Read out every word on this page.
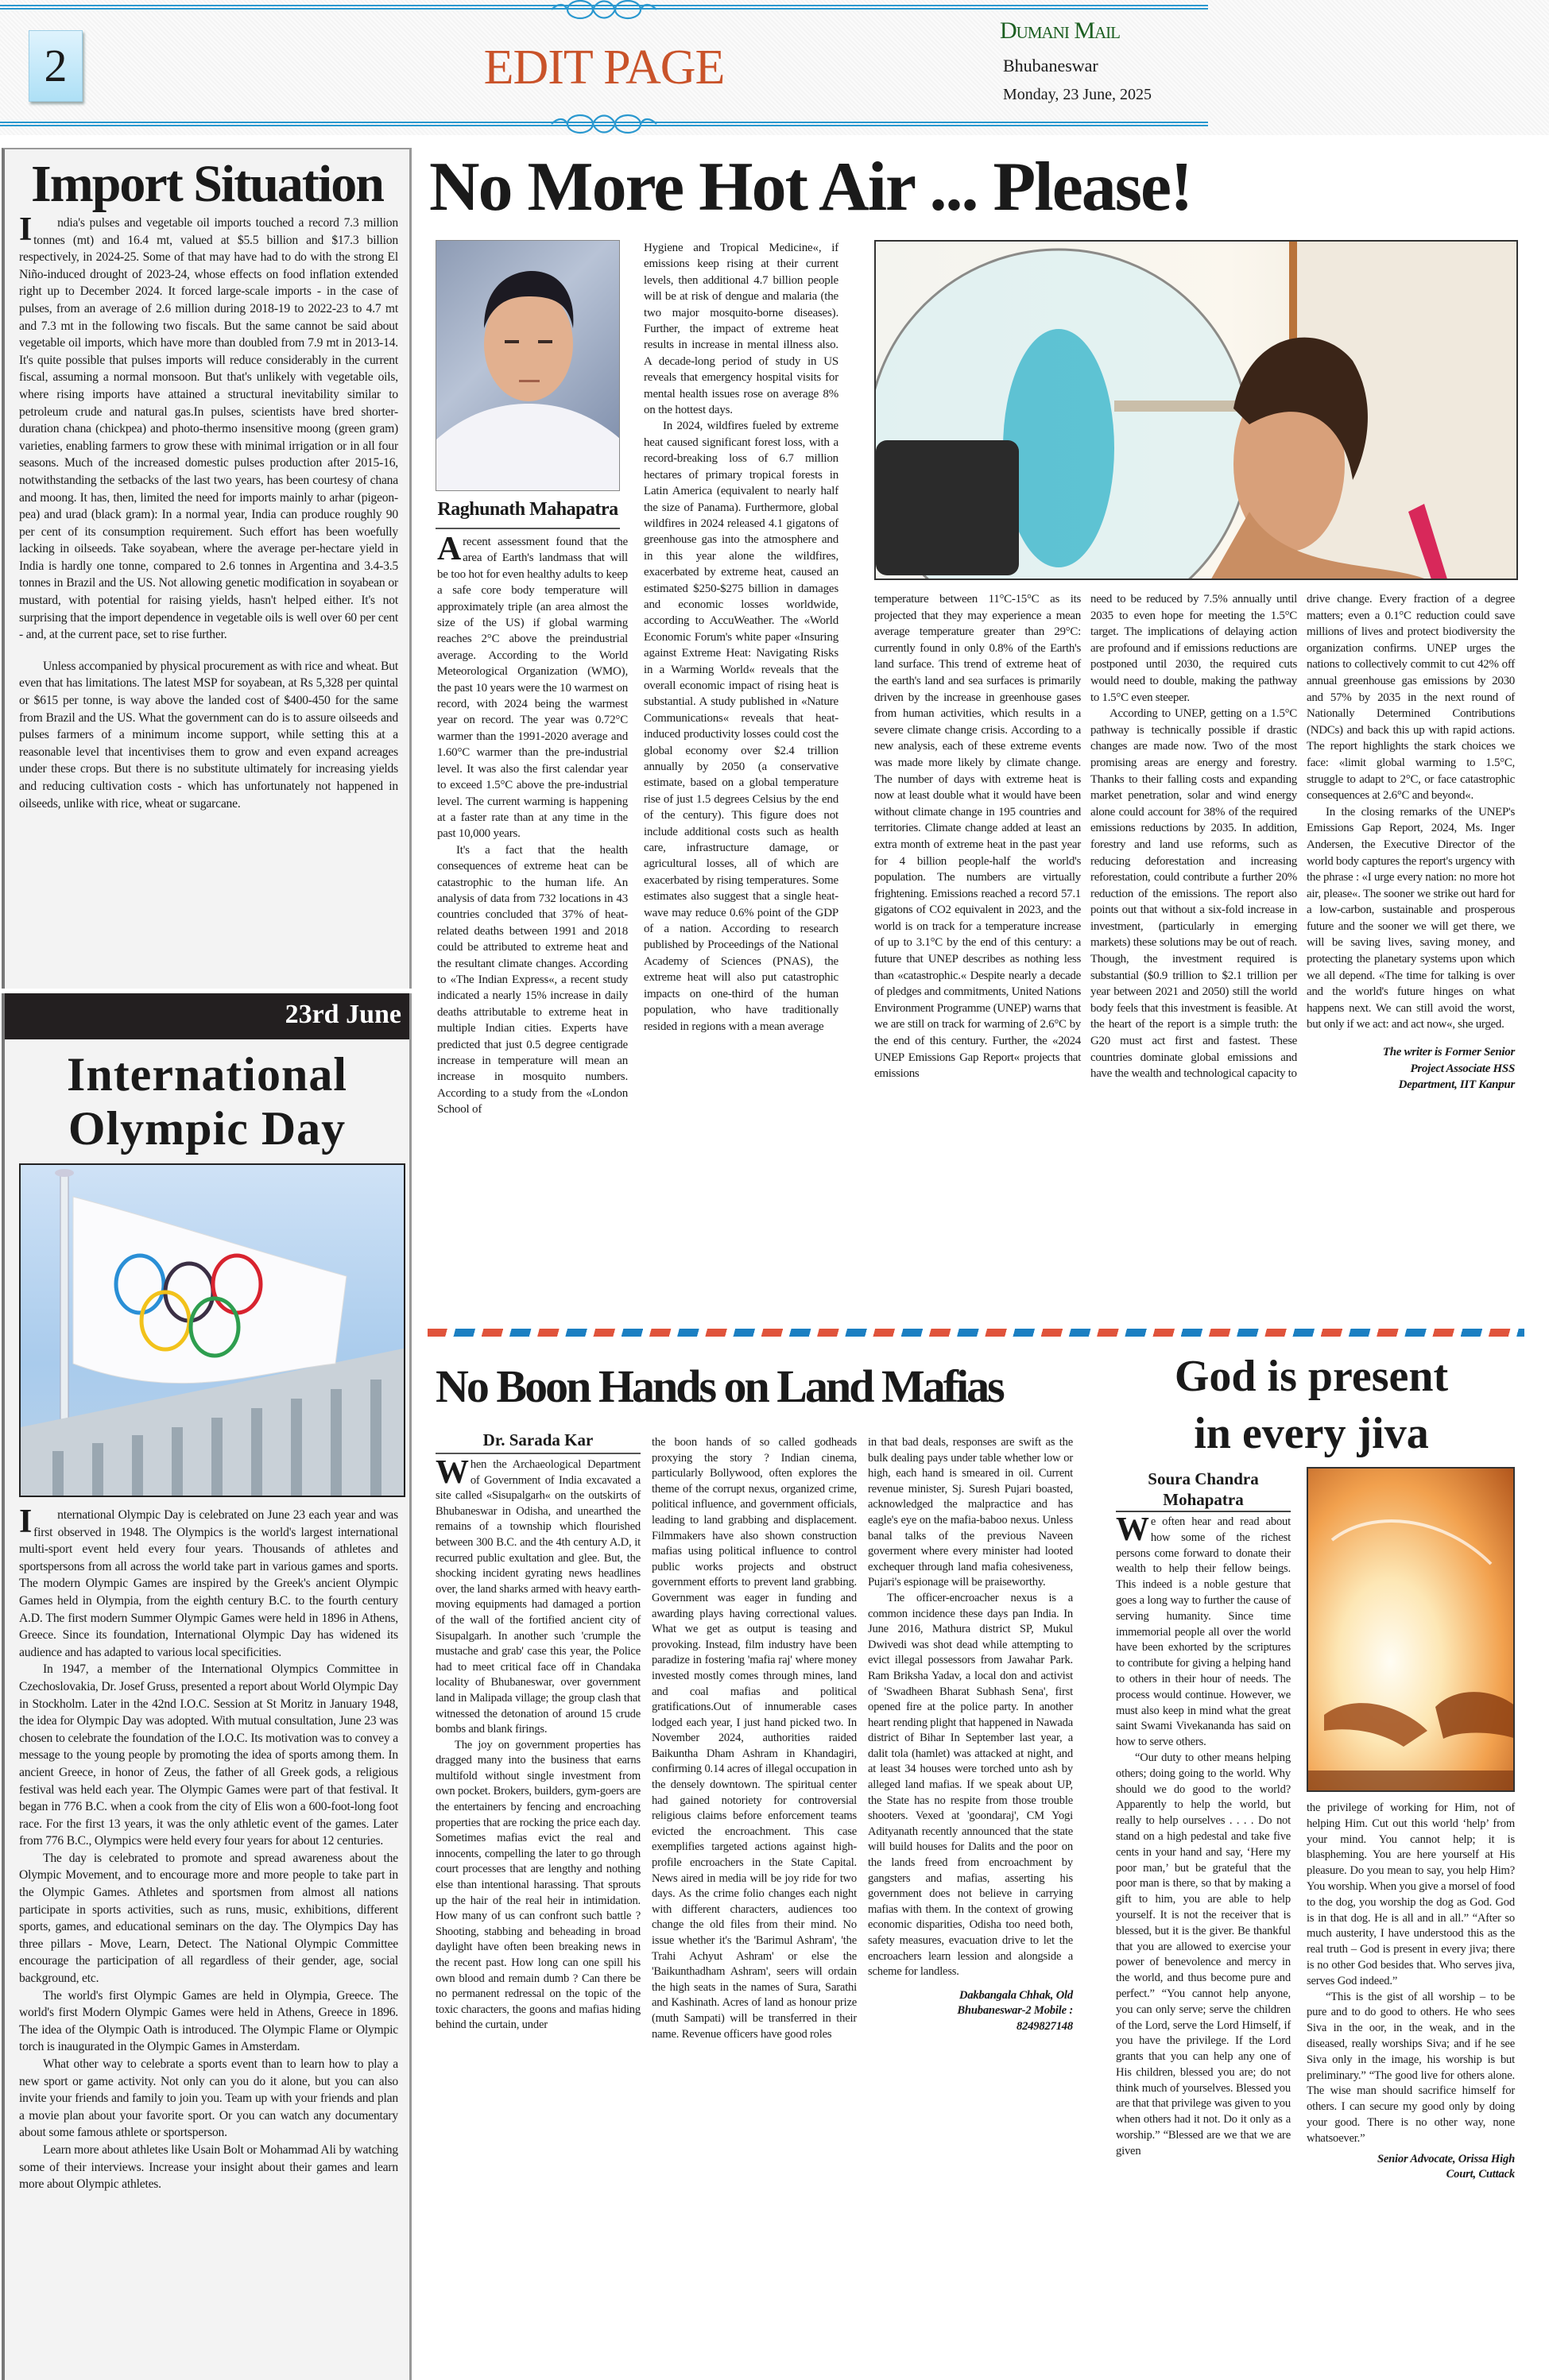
2	EDIT PAGE
Dumani Mail
Bhubaneswar
Monday, 23 June, 2025
Import Situation

I ndia's pulses and vegetable oil imports touched a record 7.3 million tonnes (mt) and 16.4 mt, valued at $5.5 billion and $17.3 billion respectively, in 2024-25. Some of that may have had to do with the strong El Niño-induced drought of 2023-24, whose effects on food inflation extended right up to December 2024. It forced large-scale imports - in the case of pulses, from an average of 2.6 million during 2018-19 to 2022-23 to 4.7 mt and 7.3 mt in the following two fiscals. But the same cannot be said about vegetable oil imports, which have more than doubled from 7.9 mt in 2013-14. It's quite possible that pulses imports will reduce considerably in the current fiscal, assuming a normal monsoon. But that's unlikely with vegetable oils, where rising imports have attained a structural inevitability similar to petroleum crude and natural gas.In pulses, scientists have bred shorter-duration chana (chickpea) and photo-thermo insensitive moong (green gram) varieties, enabling farmers to grow these with minimal irrigation or in all four seasons. Much of the increased domestic pulses production after 2015-16, notwithstanding the setbacks of the last two years, has been courtesy of chana and moong. It has, then, limited the need for imports mainly to arhar (pigeon-pea) and urad (black gram): In a normal year, India can produce roughly 90 per cent of its consumption requirement. Such effort has been woefully lacking in oilseeds. Take soyabean, where the average per-hectare yield in India is hardly one tonne, compared to 2.6 tonnes in Argentina and 3.4-3.5 tonnes in Brazil and the US. Not allowing genetic modification in soyabean or mustard, with potential for raising yields, hasn't helped either. It's not surprising that the import dependence in vegetable oils is well over 60 per cent - and, at the current pace, set to rise further.

Unless accompanied by physical procurement as with rice and wheat. But even that has limitations. The latest MSP for soyabean, at Rs 5,328 per quintal or $615 per tonne, is way above the landed cost of $400-450 for the same from Brazil and the US. What the government can do is to assure oilseeds and pulses farmers of a minimum income support, while setting this at a reasonable level that incentivises them to grow and even expand acreages under these crops. But there is no substitute ultimately for increasing yields and reducing cultivation costs - which has unfortunately not happened in oilseeds, unlike with rice, wheat or sugarcane.

23rd June
International
Olympic Day

I nternational Olympic Day is celebrated on June 23 each year and was first observed in 1948. The Olympics is the world's largest international multi-sport event held every four years. Thousands of athletes and sportspersons from all across the world take part in various games and sports. The modern Olympic Games are inspired by the Greek's ancient Olympic Games held in Olympia, from the eighth century B.C. to the fourth century A.D. The first modern Summer Olympic Games were held in 1896 in Athens, Greece. Since its foundation, International Olympic Day has widened its audience and has adapted to various local specificities.

In 1947, a member of the International Olympics Committee in Czechoslovakia, Dr. Josef Gruss, presented a report about World Olympic Day in Stockholm. Later in the 42nd I.O.C. Session at St Moritz in January 1948, the idea for Olympic Day was adopted. With mutual consultation, June 23 was chosen to celebrate the foundation of the I.O.C. Its motivation was to convey a message to the young people by promoting the idea of sports among them. In ancient Greece, in honor of Zeus, the father of all Greek gods, a religious festival was held each year. The Olympic Games were part of that festival. It began in 776 B.C. when a cook from the city of Elis won a 600-foot-long foot race. For the first 13 years, it was the only athletic event of the games. Later from 776 B.C., Olympics were held every four years for about 12 centuries.

The day is celebrated to promote and spread awareness about the Olympic Movement, and to encourage more and more people to take part in the Olympic Games. Athletes and sportsmen from almost all nations participate in sports activities, such as runs, music, exhibitions, different sports, games, and educational seminars on the day. The Olympics Day has three pillars - Move, Learn, Detect. The National Olympic Committee encourage the participation of all regardless of their gender, age, social background, etc.

The world's first Olympic Games are held in Olympia, Greece. The world's first Modern Olympic Games were held in Athens, Greece in 1896. The idea of the Olympic Oath is introduced. The Olympic Flame or Olympic torch is inaugurated in the Olympic Games in Amsterdam.

What other way to celebrate a sports event than to learn how to play a new sport or game activity. Not only can you do it alone, but you can also invite your friends and family to join you. Team up with your friends and plan a movie plan about your favorite sport. Or you can watch any documentary about some famous athlete or sportsperson.

Learn more about athletes like Usain Bolt or Mohammad Ali by watching some of their interviews. Increase your insight about their games and learn more about Olympic athletes.

No More Hot Air ... Please!
Raghunath Mahapatra

A recent assessment found that the area of Earth's landmass that will be too hot for even healthy adults to keep a safe core body temperature will approximately triple (an area almost the size of the US) if global warming reaches 2°C above the preindustrial average. According to the World Meteorological Organization (WMO), the past 10 years were the 10 warmest on record, with 2024 being the warmest year on record. The year was 0.72°C warmer than the 1991-2020 average and 1.60°C warmer than the pre-industrial level. It was also the first calendar year to exceed 1.5°C above the pre-industrial level. The current warming is happening at a faster rate than at any time in the past 10,000 years.

It's a fact that the health consequences of extreme heat can be catastrophic to the human life. An analysis of data from 732 locations in 43 countries concluded that 37% of heat-related deaths between 1991 and 2018 could be attributed to extreme heat and the resultant climate changes. According to «The Indian Express«, a recent study indicated a nearly 15% increase in daily deaths attributable to extreme heat in multiple Indian cities. Experts have predicted that just 0.5 degree centigrade increase in temperature will mean an increase in mosquito numbers. According to a study from the «London School of

Hygiene and Tropical Medicine«, if emissions keep rising at their current levels, then additional 4.7 billion people will be at risk of dengue and malaria (the two major mosquito-borne diseases). Further, the impact of extreme heat results in increase in mental illness also. A decade-long period of study in US reveals that emergency hospital visits for mental health issues rose on average 8% on the hottest days.

In 2024, wildfires fueled by extreme heat caused significant forest loss, with a record-breaking loss of 6.7 million hectares of primary tropical forests in Latin America (equivalent to nearly half the size of Panama). Furthermore, global wildfires in 2024 released 4.1 gigatons of greenhouse gas into the atmosphere and in this year alone the wildfires, exacerbated by extreme heat, caused an estimated $250-$275 billion in damages and economic losses worldwide, according to AccuWeather. The «World Economic Forum's white paper «Insuring against Extreme Heat: Navigating Risks in a Warming World« reveals that the overall economic impact of rising heat is substantial. A study published in «Nature Communications« reveals that heat-induced productivity losses could cost the global economy over $2.4 trillion annually by 2050 (a conservative estimate, based on a global temperature rise of just 1.5 degrees Celsius by the end of the century). This figure does not include additional costs such as health care, infrastructure damage, or agricultural losses, all of which are exacerbated by rising temperatures. Some estimates also suggest that a single heat-wave may reduce 0.6% point of the GDP of a nation. According to research published by Proceedings of the National Academy of Sciences (PNAS), the extreme heat will also put catastrophic impacts on one-third of the human population, who have traditionally resided in regions with a mean average

temperature between 11°C-15°C as its projected that they may experience a mean average temperature greater than 29°C: currently found in only 0.8% of the Earth's land surface. This trend of extreme heat of the earth's land and sea surfaces is primarily driven by the increase in greenhouse gases from human activities, which results in a severe climate change crisis. According to a new analysis, each of these extreme events was made more likely by climate change. The number of days with extreme heat is now at least double what it would have been without climate change in 195 countries and territories. Climate change added at least an extra month of extreme heat in the past year for 4 billion people-half the world's population. The numbers are virtually frightening. Emissions reached a record 57.1 gigatons of CO2 equivalent in 2023, and the world is on track for a temperature increase of up to 3.1°C by the end of this century: a future that UNEP describes as nothing less than «catastrophic.« Despite nearly a decade of pledges and commitments, United Nations Environment Programme (UNEP) warns that we are still on track for warming of 2.6°C by the end of this century. Further, the «2024 UNEP Emissions Gap Report« projects that emissions

need to be reduced by 7.5% annually until 2035 to even hope for meeting the 1.5°C target. The implications of delaying action are profound and if emissions reductions are postponed until 2030, the required cuts would need to double, making the pathway to 1.5°C even steeper.

According to UNEP, getting on a 1.5°C pathway is technically possible if drastic changes are made now. Two of the most promising areas are energy and forestry. Thanks to their falling costs and expanding market penetration, solar and wind energy alone could account for 38% of the required emissions reductions by 2035. In addition, forestry and land use reforms, such as reducing deforestation and increasing reforestation, could contribute a further 20% reduction of the emissions. The report also points out that without a six-fold increase in investment, (particularly in emerging markets) these solutions may be out of reach. Though, the investment required is substantial ($0.9 trillion to $2.1 trillion per year between 2021 and 2050) still the world body feels that this investment is feasible. At the heart of the report is a simple truth: the G20 must act first and fastest. These countries dominate global emissions and have the wealth and technological capacity to

drive change. Every fraction of a degree matters; even a 0.1°C reduction could save millions of lives and protect biodiversity the organization confirms. UNEP urges the nations to collectively commit to cut 42% off annual greenhouse gas emissions by 2030 and 57% by 2035 in the next round of Nationally Determined Contributions (NDCs) and back this up with rapid actions. The report highlights the stark choices we face: «limit global warming to 1.5°C, struggle to adapt to 2°C, or face catastrophic consequences at 2.6°C and beyond«.

In the closing remarks of the UNEP's Emissions Gap Report, 2024, Ms. Inger Andersen, the Executive Director of the world body captures the report's urgency with the phrase : «I urge every nation: no more hot air, please«. The sooner we strike out hard for a low-carbon, sustainable and prosperous future and the sooner we will get there, we will be saving lives, saving money, and protecting the planetary systems upon which we all depend. «The time for talking is over and the world's future hinges on what happens next. We can still avoid the worst, but only if we act: and act now«, she urged.

The writer is Former Senior
Project Associate HSS
Department, IIT Kanpur
No Boon Hands on Land Mafias
Dr. Sarada Kar

When the Archaeological Department of Government of India excavated a site called «Sisupalgarh« on the outskirts of Bhubaneswar in Odisha, and unearthed the remains of a township which flourished between 300 B.C. and the 4th century A.D, it recurred public exultation and glee. But, the shocking incident gyrating news headlines over, the land sharks armed with heavy earth-moving equipments had damaged a portion of the wall of the fortified ancient city of Sisupalgarh. In another such 'crumple the mustache and grab' case this year, the Police had to meet critical face off in Chandaka locality of Bhubaneswar, over government land in Malipada village; the group clash that witnessed the detonation of around 15 crude bombs and blank firings.

The joy on government properties has dragged many into the business that earns multifold without single investment from own pocket. Brokers, builders, gym-goers are the entertainers by fencing and encroaching properties that are rocking the price each day. Sometimes mafias evict the real and innocents, compelling the later to go through court processes that are lengthy and nothing else than intentional harassing. That sprouts up the hair of the real heir in intimidation. How many of us can confront such battle ? Shooting, stabbing and beheading in broad daylight have often been breaking news in the recent past. How long can one spill his own blood and remain dumb ? Can there be no permanent redressal on the topic of the toxic characters, the goons and mafias hiding behind the curtain, under

the boon hands of so called godheads proxying the story ? Indian cinema, particularly Bollywood, often explores the theme of the corrupt nexus, organized crime, political influence, and government officials, leading to land grabbing and displacement. Filmmakers have also shown construction mafias using political influence to control public works projects and obstruct government efforts to prevent land grabbing. Government was eager in funding and awarding plays having correctional values. What we get as output is teasing and provoking. Instead, film industry have been paradize in fostering 'mafia raj' where money invested mostly comes through mines, land and coal mafias and political gratifications.Out of innumerable cases lodged each year, I just hand picked two. In November 2024, authorities raided Baikuntha Dham Ashram in Khandagiri, confirming 0.14 acres of illegal occupation in the densely downtown. The spiritual center had gained notoriety for controversial religious claims before enforcement teams evicted the encroachment. This case exemplifies targeted actions against high-profile encroachers in the State Capital. News aired in media will be joy ride for two days. As the crime folio changes each night with different characters, audiences too change the old files from their mind. No issue whether it's the 'Barimul Ashram', 'the Trahi Achyut Ashram' or else the 'Baikunthadham Ashram', seers will ordain the high seats in the names of Sura, Sarathi and Kashinath. Acres of land as honour prize (muth Sampati) will be transferred in their name. Revenue officers have good roles

in that bad deals, responses are swift as the bulk dealing pays under table whether low or high, each hand is smeared in oil. Current revenue minister, Sj. Suresh Pujari boasted, acknowledged the malpractice and has eagle's eye on the mafia-baboo nexus. Unless banal talks of the previous Naveen goverment where every minister had looted exchequer through land mafia cohesiveness, Pujari's espionage will be praiseworthy.

The officer-encroacher nexus is a common incidence these days pan India. In June 2016, Mathura district SP, Mukul Dwivedi was shot dead while attempting to evict illegal possessors from Jawahar Park. Ram Briksha Yadav, a local don and activist of 'Swadheen Bharat Subhash Sena', first opened fire at the police party. In another heart rending plight that happened in Nawada district of Bihar In September last year, a dalit tola (hamlet) was attacked at night, and at least 34 houses were torched unto ash by alleged land mafias. If we speak about UP, the State has no respite from those trouble shooters. Vexed at 'goondaraj', CM Yogi Adityanath recently announced that the state will build houses for Dalits and the poor on the lands freed from encroachment by gangsters and mafias, asserting his government does not believe in carrying mafias with them. In the context of growing economic disparities, Odisha too need both, safety measures, evacuation drive to let the encroachers learn lession and alongside a scheme for landless.

Dakbangala Chhak, Old
Bhubaneswar-2 Mobile :
8249827148
God is present
in every jiva
Soura Chandra
Mohapatra

We often hear and read about how some of the richest persons come forward to donate their wealth to help their fellow beings. This indeed is a noble gesture that goes a long way to further the cause of serving humanity. Since time immemorial people all over the world have been exhorted by the scriptures to contribute for giving a helping hand to others in their hour of needs. The process would continue. However, we must also keep in mind what the great saint Swami Vivekananda has said on how to serve others.

“Our duty to other means helping others; doing going to the world. Why should we do good to the world? Apparently to help the world, but really to help ourselves . . . . Do not stand on a high pedestal and take five cents in your hand and say, ‘Here my poor man,’ but be grateful that the poor man is there, so that by making a gift to him, you are able to help yourself. It is not the receiver that is blessed, but it is the giver. Be thankful that you are allowed to exercise your power of benevolence and mercy in the world, and thus become pure and perfect.” “You cannot help anyone, you can only serve; serve the children of the Lord, serve the Lord Himself, if you have the privilege. If the Lord grants that you can help any one of His children, blessed you are; do not think much of yourselves. Blessed you are that that privilege was given to you when others had it not. Do it only as a worship.” “Blessed are we that we are given

the privilege of working for Him, not of helping Him. Cut out this world ‘help’ from your mind. You cannot help; it is blaspheming. You are here yourself at His pleasure. Do you mean to say, you help Him? You worship. When you give a morsel of food to the dog, you worship the dog as God. God is in that dog. He is all and in all.” “After so much austerity, I have understood this as the real truth – God is present in every jiva; there is no other God besides that. Who serves jiva, serves God indeed.”

“This is the gist of all worship – to be pure and to do good to others. He who sees Siva in the oor, in the weak, and in the diseased, really worships Siva; and if he see Siva only in the image, his worship is but preliminary.” “The good live for others alone. The wise man should sacrifice himself for others. I can secure my good only by doing your good. There is no other way, none whatsoever.”

Senior Advocate, Orissa High
Court, Cuttack
